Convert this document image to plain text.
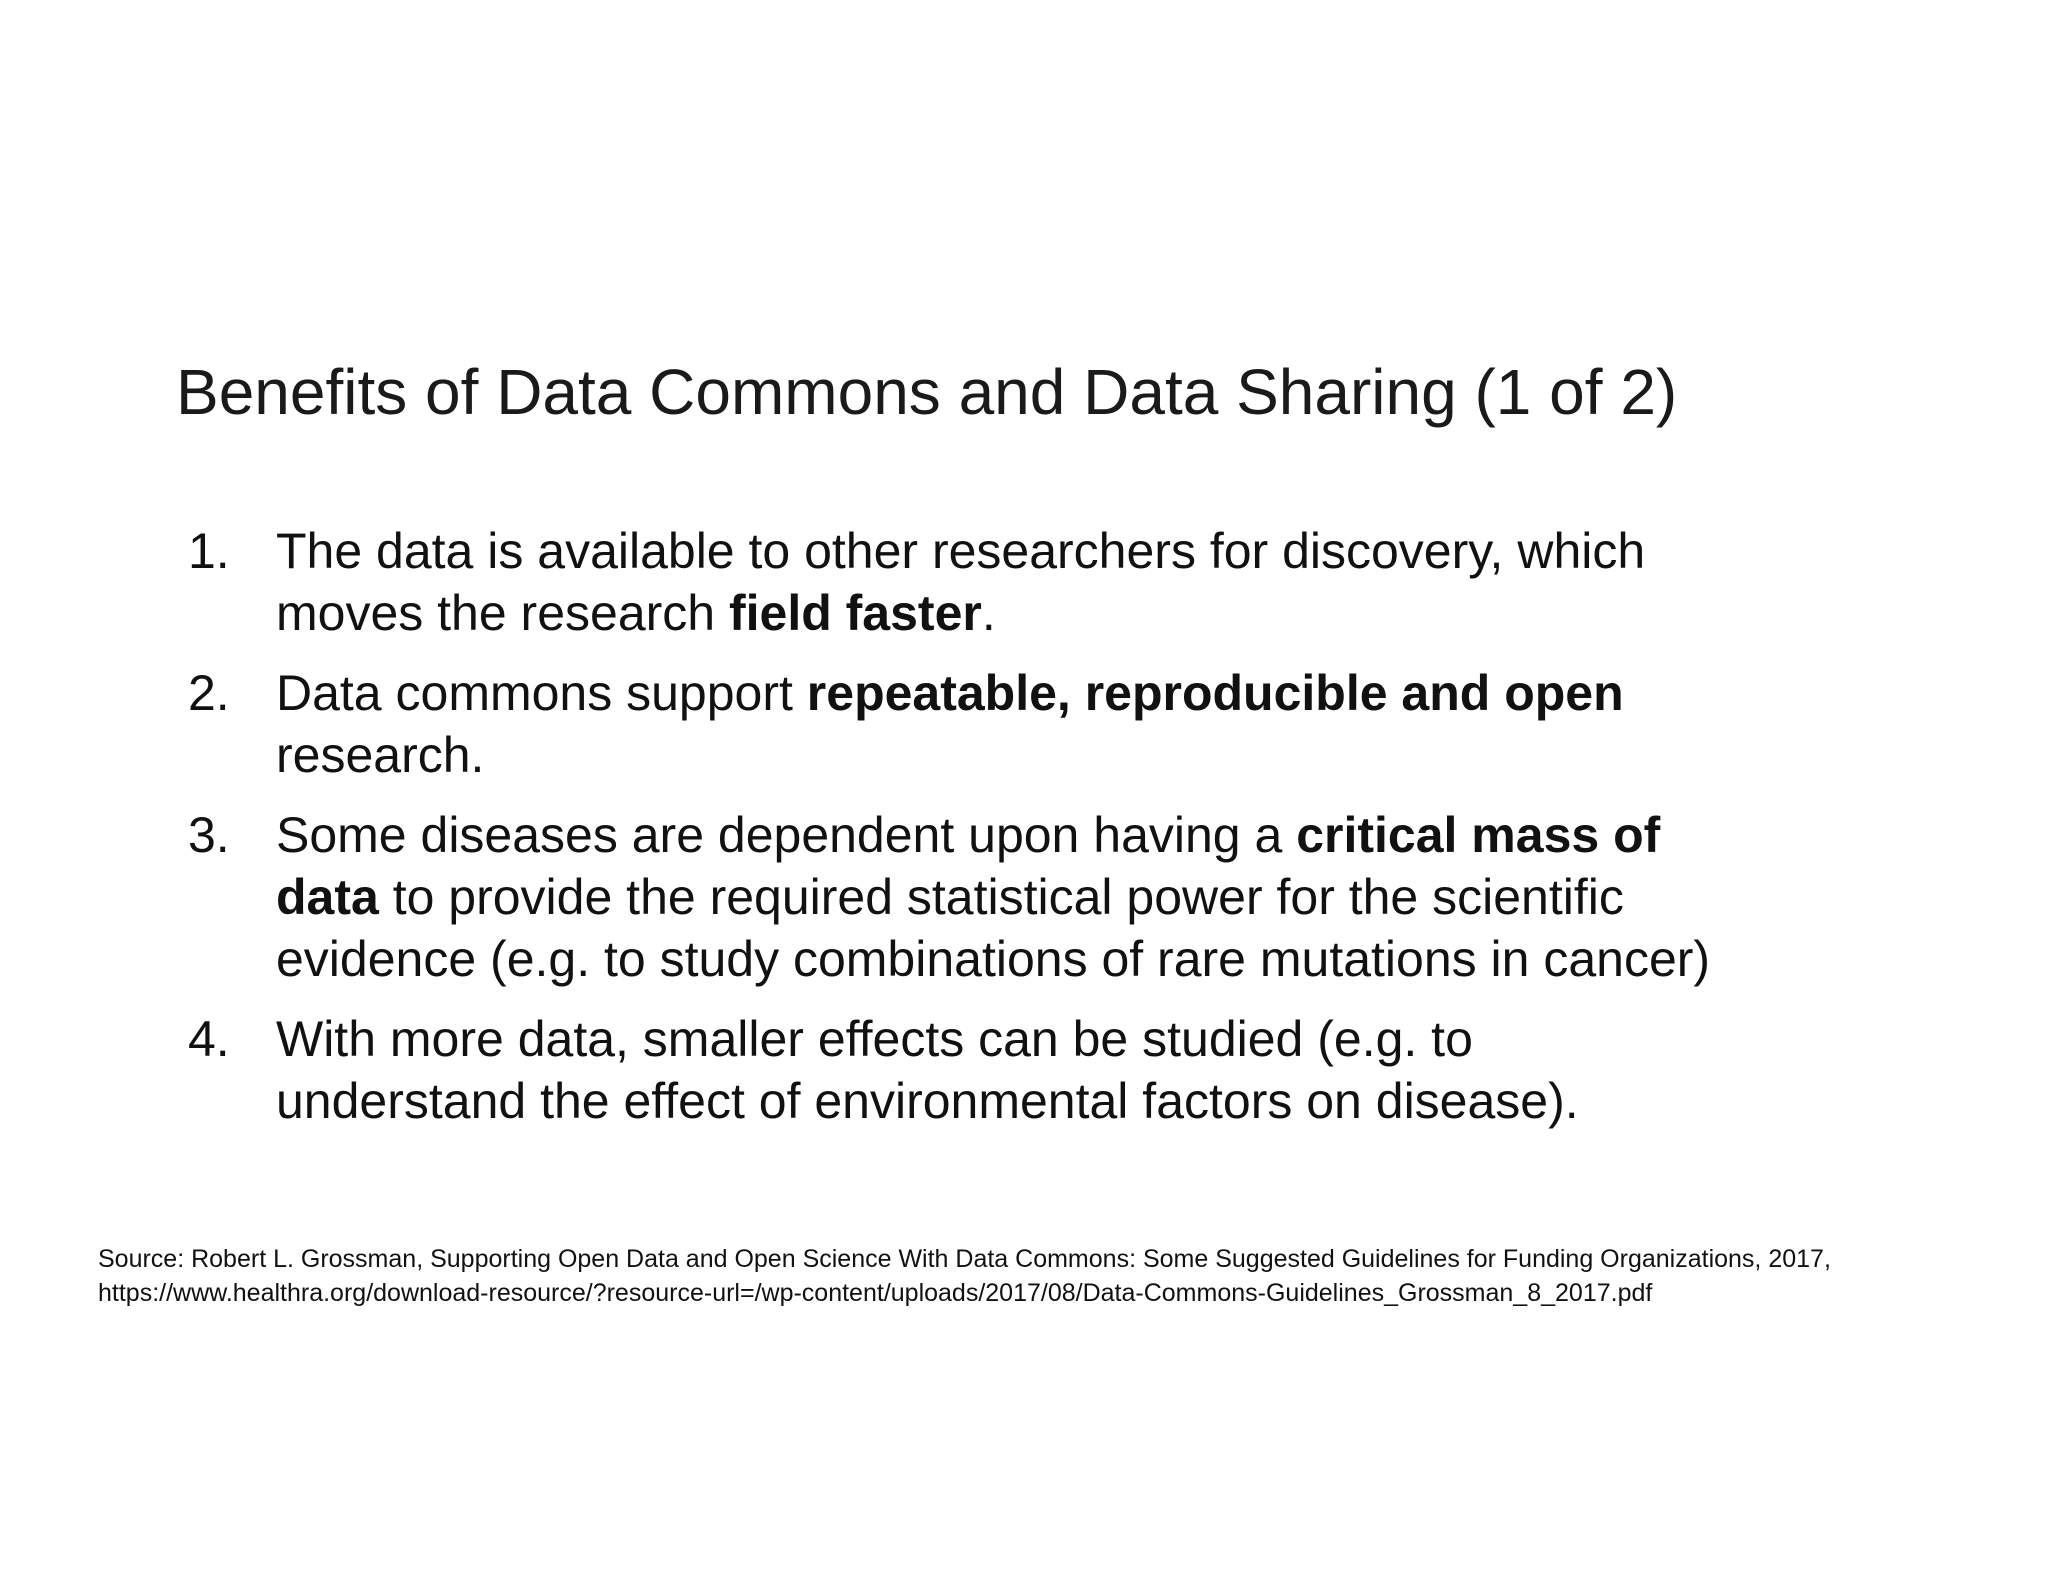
Benefits of Data Commons and Data Sharing (1 of 2)
1. The data is available to other researchers for discovery, which moves the research field faster.
2. Data commons support repeatable, reproducible and open research.
3. Some diseases are dependent upon having a critical mass of data to provide the required statistical power for the scientific evidence (e.g. to study combinations of rare mutations in cancer)
4. With more data, smaller effects can be studied (e.g. to understand the effect of environmental factors on disease).

Source: Robert L. Grossman, Supporting Open Data and Open Science With Data Commons: Some Suggested Guidelines for Funding Organizations, 2017, https://www.healthra.org/download-resource/?resource-url=/wp-content/uploads/2017/08/Data-Commons-Guidelines_Grossman_8_2017.pdf
